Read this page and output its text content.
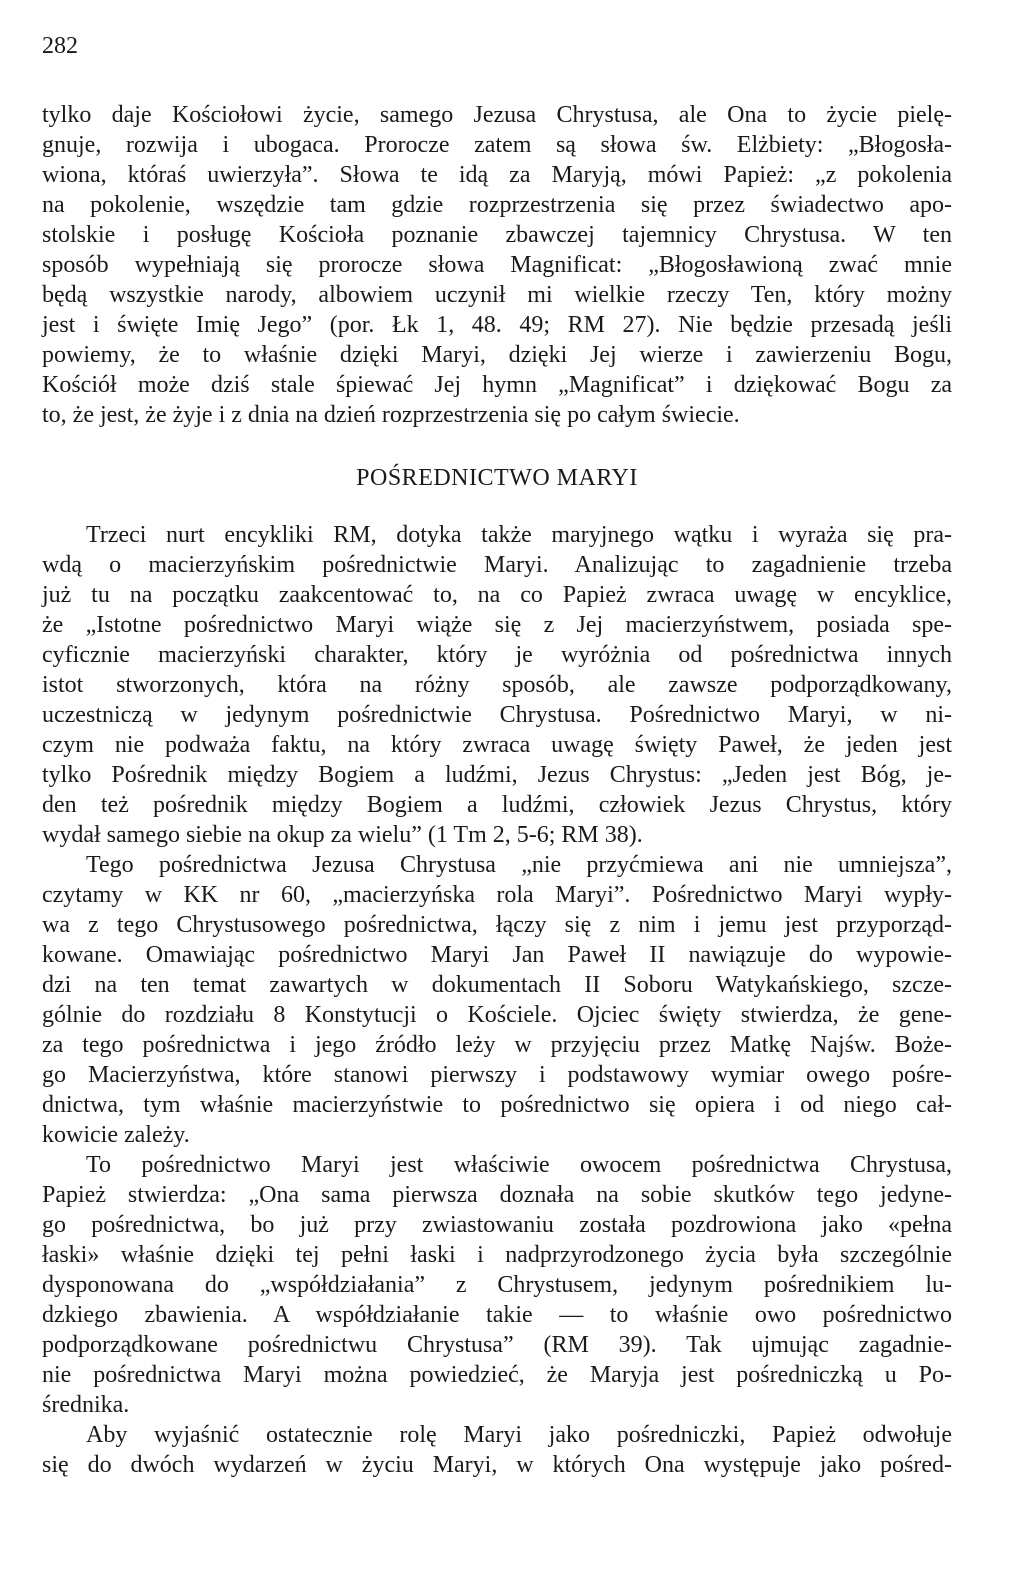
282
tylko daje Kościołowi życie, samego Jezusa Chrystusa, ale Ona to życie pielę-
gnuje, rozwija i ubogaca. Prorocze zatem są słowa św. Elżbiety: „Błogosła-
wiona, któraś uwierzyła”. Słowa te idą za Maryją, mówi Papież: „z pokolenia
na pokolenie, wszędzie tam gdzie rozprzestrzenia się przez świadectwo apo-
stolskie i posługę Kościoła poznanie zbawczej tajemnicy Chrystusa. W ten
sposób wypełniają się prorocze słowa Magnificat: „Błogosławioną zwać mnie
będą wszystkie narody, albowiem uczynił mi wielkie rzeczy Ten, który możny
jest i święte Imię Jego” (por. Łk 1, 48. 49; RM 27). Nie będzie przesadą jeśli
powiemy, że to właśnie dzięki Maryi, dzięki Jej wierze i zawierzeniu Bogu,
Kościół może dziś stale śpiewać Jej hymn „Magnificat” i dziękować Bogu za
to, że jest, że żyje i z dnia na dzień rozprzestrzenia się po całym świecie.
POŚREDNICTWO MARYI
Trzeci nurt encykliki RM, dotyka także maryjnego wątku i wyraża się pra-
wdą o macierzyńskim pośrednictwie Maryi. Analizując to zagadnienie trzeba
już tu na początku zaakcentować to, na co Papież zwraca uwagę w encyklice,
że „Istotne pośrednictwo Maryi wiąże się z Jej macierzyństwem, posiada spe-
cyficznie macierzyński charakter, który je wyróżnia od pośrednictwa innych
istot stworzonych, która na różny sposób, ale zawsze podporządkowany,
uczestniczą w jedynym pośrednictwie Chrystusa. Pośrednictwo Maryi, w ni-
czym nie podważa faktu, na który zwraca uwagę święty Paweł, że jeden jest
tylko Pośrednik między Bogiem a ludźmi, Jezus Chrystus: „Jeden jest Bóg, je-
den też pośrednik między Bogiem a ludźmi, człowiek Jezus Chrystus, który
wydał samego siebie na okup za wielu” (1 Tm 2, 5-6; RM 38).
Tego pośrednictwa Jezusa Chrystusa „nie przyćmiewa ani nie umniejsza”,
czytamy w KK nr 60, „macierzyńska rola Maryi”. Pośrednictwo Maryi wypły-
wa z tego Chrystusowego pośrednictwa, łączy się z nim i jemu jest przyporząd-
kowane. Omawiając pośrednictwo Maryi Jan Paweł II nawiązuje do wypowie-
dzi na ten temat zawartych w dokumentach II Soboru Watykańskiego, szcze-
gólnie do rozdziału 8 Konstytucji o Kościele. Ojciec święty stwierdza, że gene-
za tego pośrednictwa i jego źródło leży w przyjęciu przez Matkę Najśw. Boże-
go Macierzyństwa, które stanowi pierwszy i podstawowy wymiar owego pośre-
dnictwa, tym właśnie macierzyństwie to pośrednictwo się opiera i od niego cał-
kowicie zależy.
To pośrednictwo Maryi jest właściwie owocem pośrednictwa Chrystusa,
Papież stwierdza: „Ona sama pierwsza doznała na sobie skutków tego jedyne-
go pośrednictwa, bo już przy zwiastowaniu została pozdrowiona jako «pełna
łaski» właśnie dzięki tej pełni łaski i nadprzyrodzonego życia była szczególnie
dysponowana do „współdziałania” z Chrystusem, jedynym pośrednikiem lu-
dzkiego zbawienia. A współdziałanie takie — to właśnie owo pośrednictwo
podporządkowane pośrednictwu Chrystusa” (RM 39). Tak ujmując zagadnie-
nie pośrednictwa Maryi można powiedzieć, że Maryja jest pośredniczką u Po-
średnika.
Aby wyjaśnić ostatecznie rolę Maryi jako pośredniczki, Papież odwołuje
się do dwóch wydarzeń w życiu Maryi, w których Ona występuje jako pośred-
